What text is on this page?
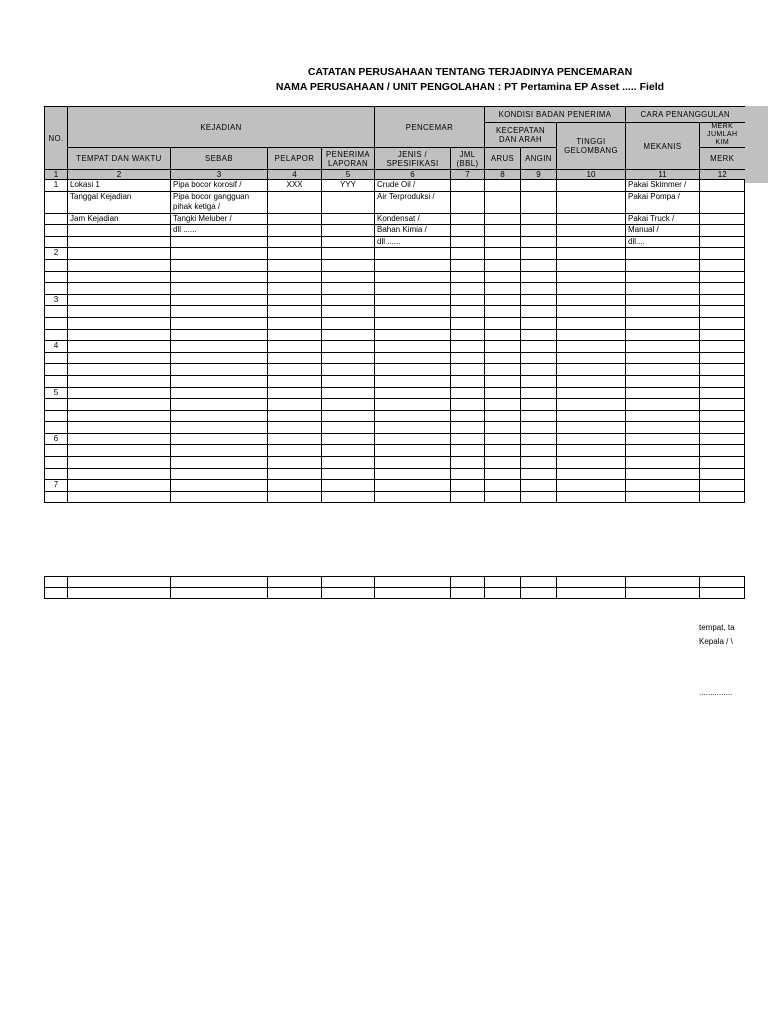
CATATAN PERUSAHAAN TENTANG TERJADINYA PENCEMARAN
NAMA PERUSAHAAN / UNIT PENGOLAHAN : PT Pertamina EP Asset ..... Field
NO.	KEJADIAN				PENCEMAR		KONDISI BADAN PENERIMA			CARA PENANGGULAN	
							KECEPATAN DAN ARAH		TINGGI GELOMBANG	MEKANIS	MERK
JUMLAH
KIM
	TEMPAT DAN WAKTU	SEBAB	PELAPOR	PENERIMA LAPORAN	JENIS / SPESIFIKASI	JML (BBL)	ARUS	ANGIN			MERK
1	2	3	4	5	6	7	8	9	10	11	12
1	Lokasi 1	Pipa bocor korosif /	XXX	YYY	Crude Oil /					Pakai Skimmer /	
	Tanggal Kejadian	Pipa bocor gangguan pihak ketiga /			Air Terproduksi /					Pakai Pompa /	
	Jam Kejadian	Tangki Meluber /			Kondensat /					Pakai Truck /	
		dll ......			Bahan Kimia /					Manual /	
					dll ......					dll....	
2											

3											

4											

5											

6											

7											

tempat, ta
Kepala / \
...............
